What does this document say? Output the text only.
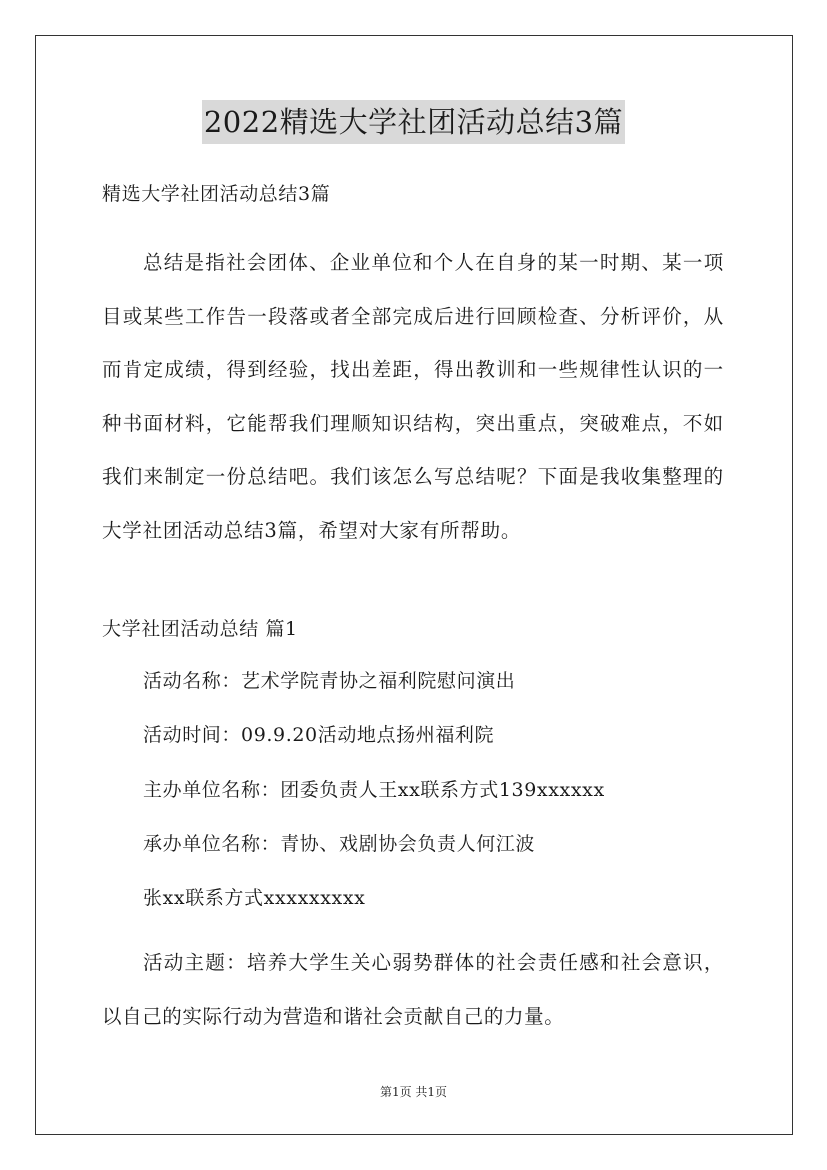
2022精选大学社团活动总结3篇
精选大学社团活动总结3篇

总结是指社会团体、企业单位和个人在自身的某一时期、某一项目或某些工作告一段落或者全部完成后进行回顾检查、分析评价，从而肯定成绩，得到经验，找出差距，得出教训和一些规律性认识的一种书面材料，它能帮我们理顺知识结构，突出重点，突破难点，不如我们来制定一份总结吧。我们该怎么写总结呢？下面是我收集整理的大学社团活动总结3篇，希望对大家有所帮助。

大学社团活动总结 篇1
活动名称：艺术学院青协之福利院慰问演出
活动时间：09.9.20活动地点扬州福利院
主办单位名称：团委负责人王xx联系方式139xxxxxx
承办单位名称：青协、戏剧协会负责人何江波
张xx联系方式xxxxxxxxx

活动主题：培养大学生关心弱势群体的社会责任感和社会意识，以自己的实际行动为营造和谐社会贡献自己的力量。

第1页 共1页
